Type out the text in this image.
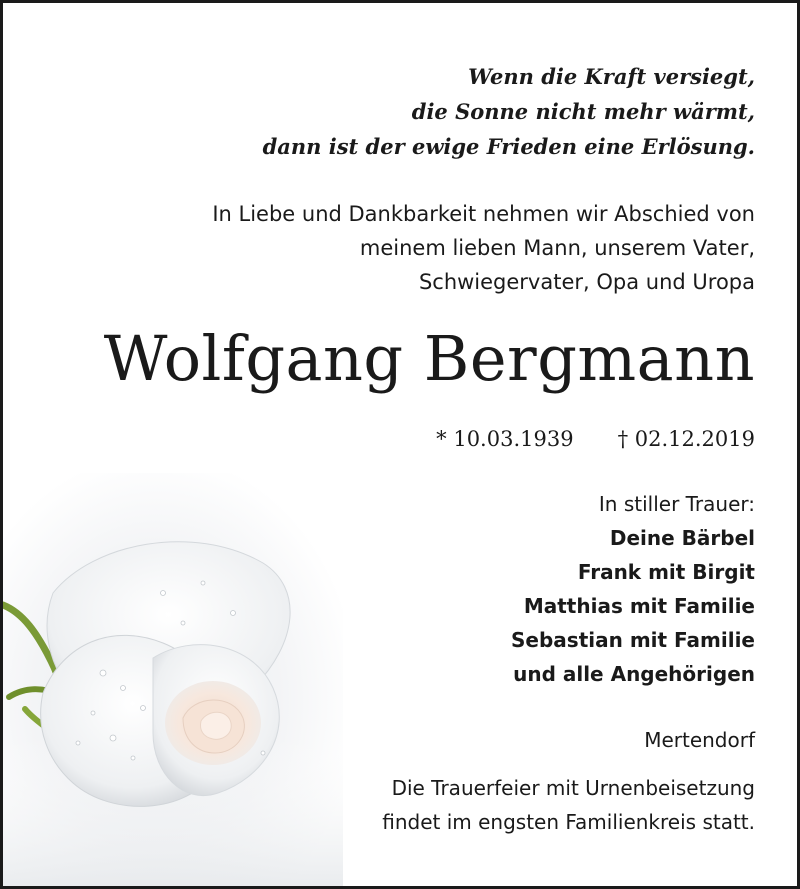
Wenn die Kraft versiegt,
die Sonne nicht mehr wärmt,
dann ist der ewige Frieden eine Erlösung.
In Liebe und Dankbarkeit nehmen wir Abschied von
meinem lieben Mann, unserem Vater,
Schwiegervater, Opa und Uropa
Wolfgang Bergmann
* 10.03.1939 † 02.12.2019
In stiller Trauer:
Deine Bärbel
Frank mit Birgit
Matthias mit Familie
Sebastian mit Familie
und alle Angehörigen
Mertendorf
Die Trauerfeier mit Urnenbeisetzung
findet im engsten Familienkreis statt.
